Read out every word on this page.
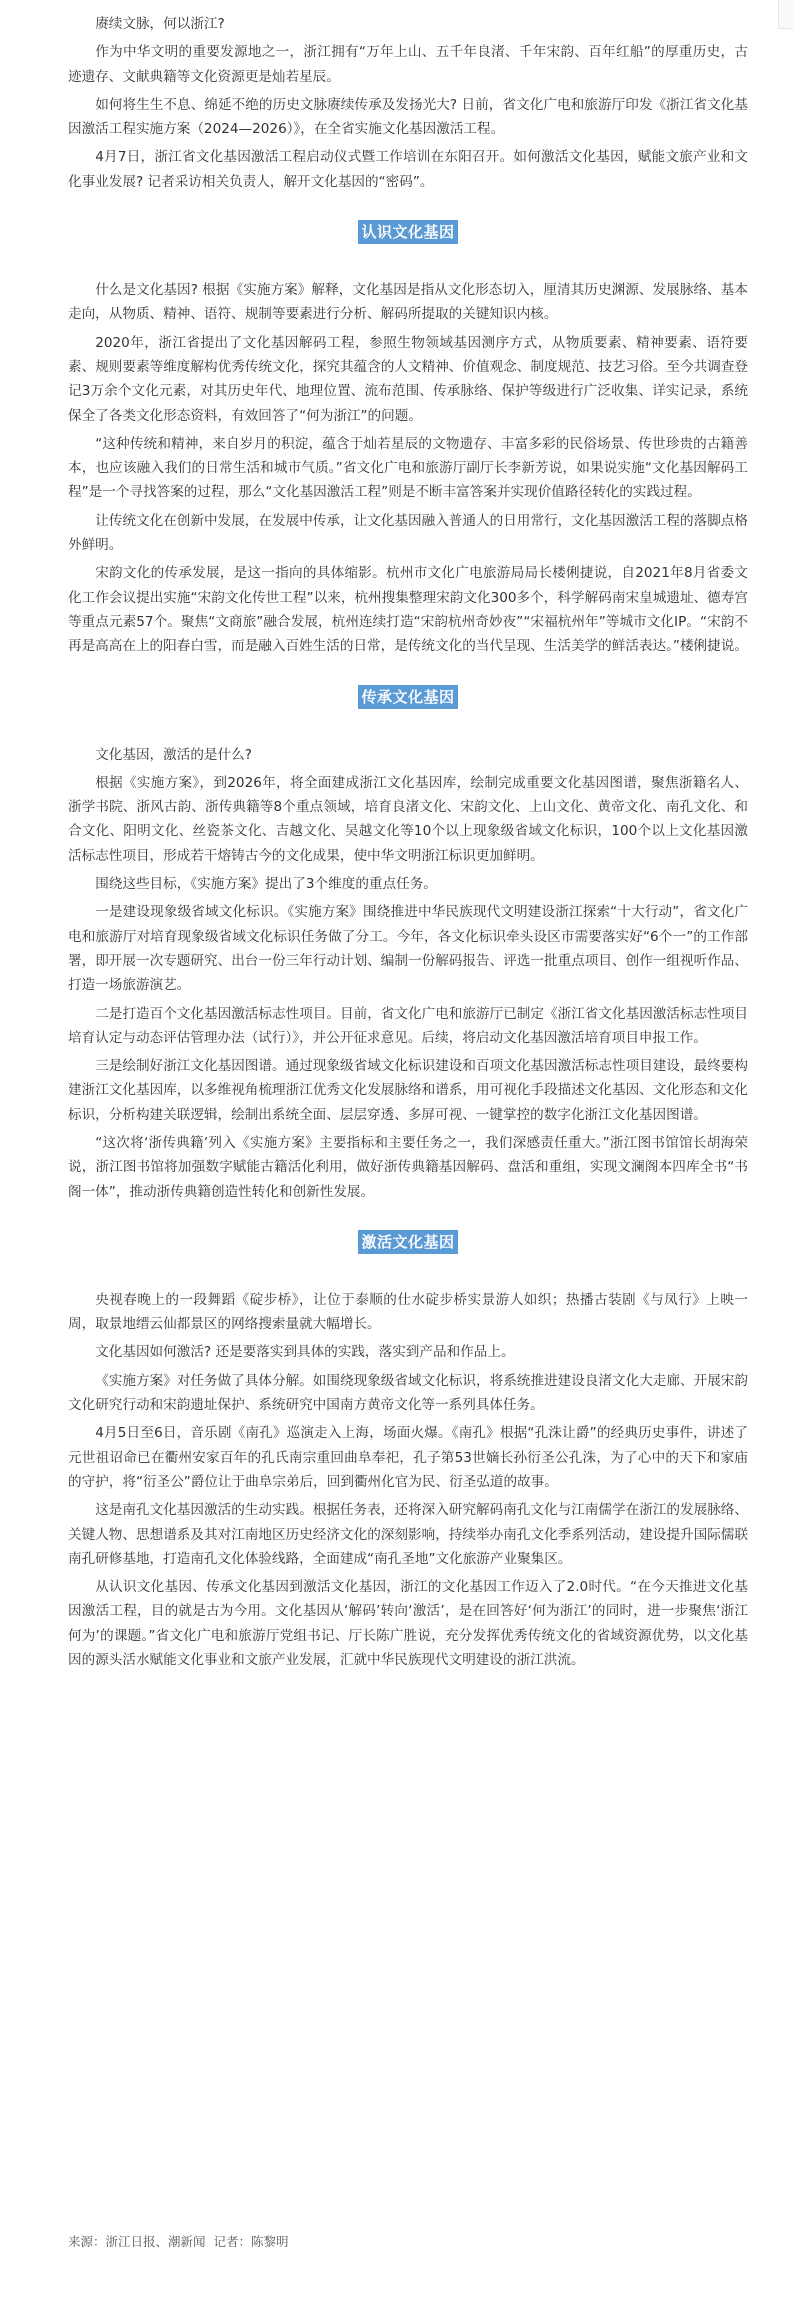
赓续文脉，何以浙江?

作为中华文明的重要发源地之一，浙江拥有“万年上山、五千年良渚、千年宋韵、百年红船”的厚重历史，古迹遗存、文献典籍等文化资源更是灿若星辰。

如何将生生不息、绵延不绝的历史文脉赓续传承及发扬光大? 日前，省文化广电和旅游厅印发《浙江省文化基因激活工程实施方案（2024—2026）》，在全省实施文化基因激活工程。

4月7日，浙江省文化基因激活工程启动仪式暨工作培训在东阳召开。如何激活文化基因，赋能文旅产业和文化事业发展? 记者采访相关负责人，解开文化基因的“密码”。

认识文化基因

什么是文化基因? 根据《实施方案》解释，文化基因是指从文化形态切入，厘清其历史渊源、发展脉络、基本走向，从物质、精神、语符、规制等要素进行分析、解码所提取的关键知识内核。

2020年，浙江省提出了文化基因解码工程，参照生物领域基因测序方式，从物质要素、精神要素、语符要素、规则要素等维度解构优秀传统文化，探究其蕴含的人文精神、价值观念、制度规范、技艺习俗。至今共调查登记3万余个文化元素，对其历史年代、地理位置、流布范围、传承脉络、保护等级进行广泛收集、详实记录，系统保全了各类文化形态资料，有效回答了“何为浙江”的问题。

“这种传统和精神，来自岁月的积淀，蕴含于灿若星辰的文物遗存、丰富多彩的民俗场景、传世珍贵的古籍善本，也应该融入我们的日常生活和城市气质。”省文化广电和旅游厅副厅长李新芳说，如果说实施“文化基因解码工程”是一个寻找答案的过程，那么“文化基因激活工程”则是不断丰富答案并实现价值路径转化的实践过程。

让传统文化在创新中发展，在发展中传承，让文化基因融入普通人的日用常行，文化基因激活工程的落脚点格外鲜明。

宋韵文化的传承发展，是这一指向的具体缩影。杭州市文化广电旅游局局长楼俐捷说，自2021年8月省委文化工作会议提出实施“宋韵文化传世工程”以来，杭州搜集整理宋韵文化300多个，科学解码南宋皇城遗址、德寿宫等重点元素57个。聚焦“文商旅”融合发展，杭州连续打造“宋韵杭州奇妙夜”“宋福杭州年”等城市文化IP。“宋韵不再是高高在上的阳春白雪，而是融入百姓生活的日常，是传统文化的当代呈现、生活美学的鲜活表达。”楼俐捷说。

传承文化基因

文化基因，激活的是什么?

根据《实施方案》，到2026年，将全面建成浙江文化基因库，绘制完成重要文化基因图谱，聚焦浙籍名人、浙学书院、浙风古韵、浙传典籍等8个重点领域，培育良渚文化、宋韵文化、上山文化、黄帝文化、南孔文化、和合文化、阳明文化、丝瓷茶文化、吉越文化、吴越文化等10个以上现象级省域文化标识，100个以上文化基因激活标志性项目，形成若干熔铸古今的文化成果，使中华文明浙江标识更加鲜明。

围绕这些目标，《实施方案》提出了3个维度的重点任务。

一是建设现象级省域文化标识。《实施方案》围绕推进中华民族现代文明建设浙江探索“十大行动”，省文化广电和旅游厅对培育现象级省域文化标识任务做了分工。今年，各文化标识牵头设区市需要落实好“6个一”的工作部署，即开展一次专题研究、出台一份三年行动计划、编制一份解码报告、评选一批重点项目、创作一组视听作品、打造一场旅游演艺。

二是打造百个文化基因激活标志性项目。目前，省文化广电和旅游厅已制定《浙江省文化基因激活标志性项目培育认定与动态评估管理办法（试行）》，并公开征求意见。后续，将启动文化基因激活培育项目申报工作。

三是绘制好浙江文化基因图谱。通过现象级省域文化标识建设和百项文化基因激活标志性项目建设，最终要构建浙江文化基因库，以多维视角梳理浙江优秀文化发展脉络和谱系，用可视化手段描述文化基因、文化形态和文化标识，分析构建关联逻辑，绘制出系统全面、层层穿透、多屏可视、一键掌控的数字化浙江文化基因图谱。

“这次将‘浙传典籍’列入《实施方案》主要指标和主要任务之一，我们深感责任重大。”浙江图书馆馆长胡海荣说，浙江图书馆将加强数字赋能古籍活化利用，做好浙传典籍基因解码、盘活和重组，实现文澜阁本四库全书“书阁一体”，推动浙传典籍创造性转化和创新性发展。

激活文化基因

央视春晚上的一段舞蹈《碇步桥》，让位于泰顺的仕水碇步桥实景游人如织；热播古装剧《与凤行》上映一周，取景地缙云仙都景区的网络搜索量就大幅增长。

文化基因如何激活? 还是要落实到具体的实践，落实到产品和作品上。

《实施方案》对任务做了具体分解。如围绕现象级省域文化标识，将系统推进建设良渚文化大走廊、开展宋韵文化研究行动和宋韵遗址保护、系统研究中国南方黄帝文化等一系列具体任务。

4月5日至6日，音乐剧《南孔》巡演走入上海，场面火爆。《南孔》根据“孔洙让爵”的经典历史事件，讲述了元世祖诏命已在衢州安家百年的孔氏南宗重回曲阜奉祀，孔子第53世嫡长孙衍圣公孔洙，为了心中的天下和家庙的守护，将“衍圣公”爵位让于曲阜宗弟后，回到衢州化官为民、衍圣弘道的故事。

这是南孔文化基因激活的生动实践。根据任务表，还将深入研究解码南孔文化与江南儒学在浙江的发展脉络、关键人物、思想谱系及其对江南地区历史经济文化的深刻影响，持续举办南孔文化季系列活动，建设提升国际儒联南孔研修基地，打造南孔文化体验线路，全面建成“南孔圣地”文化旅游产业聚集区。

从认识文化基因、传承文化基因到激活文化基因，浙江的文化基因工作迈入了2.0时代。“在今天推进文化基因激活工程，目的就是古为今用。文化基因从‘解码’转向‘激活’，是在回答好‘何为浙江’的同时，进一步聚焦‘浙江何为’的课题。”省文化广电和旅游厅党组书记、厅长陈广胜说，充分发挥优秀传统文化的省域资源优势，以文化基因的源头活水赋能文化事业和文旅产业发展，汇就中华民族现代文明建设的浙江洪流。

来源：浙江日报、潮新闻 记者：陈黎明
